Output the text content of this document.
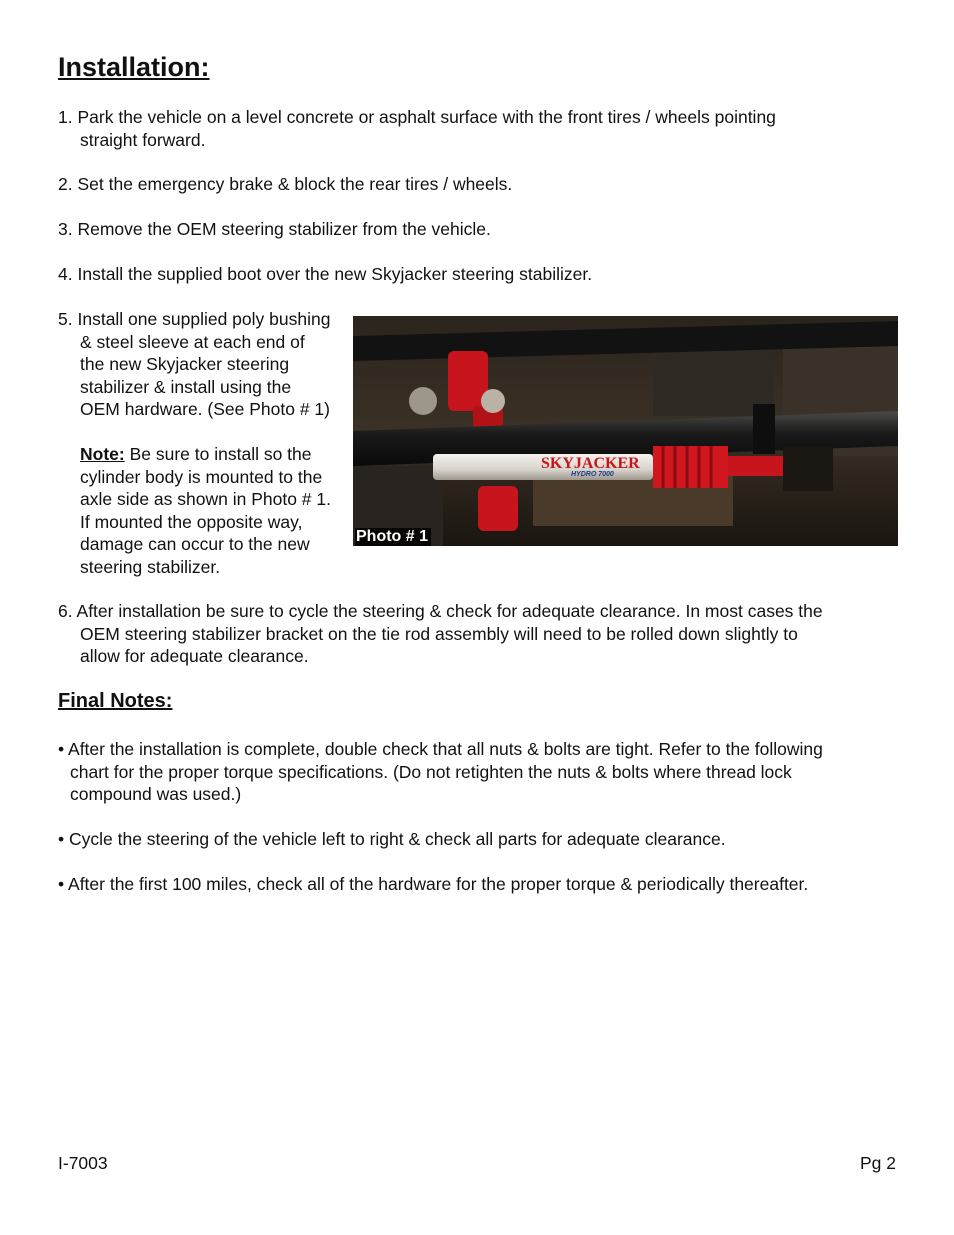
Installation:
1. Park the vehicle on a level concrete or asphalt surface with the front tires / wheels pointing
straight forward.
2. Set the emergency brake & block the rear tires / wheels.
3. Remove the OEM steering stabilizer from the vehicle.
4. Install the supplied boot over the new Skyjacker steering stabilizer.
5. Install one supplied poly bushing
& steel sleeve at each end of
the new Skyjacker steering
stabilizer & install using the
OEM hardware. (See Photo # 1)
Note: Be sure to install so the
cylinder body is mounted to the
axle side as shown in Photo # 1.
If mounted the opposite way,
damage can occur to the new
steering stabilizer.
SKYJACKER
HYDRO 7000
Photo # 1
6. After installation be sure to cycle the steering & check for adequate clearance. In most cases the
OEM steering stabilizer bracket on the tie rod assembly will need to be rolled down slightly to
allow for adequate clearance.
Final Notes:
• After the installation is complete, double check that all nuts & bolts are tight. Refer to the following
chart for the proper torque specifications. (Do not retighten the nuts & bolts where thread lock
compound was used.)
• Cycle the steering of the vehicle left to right & check all parts for adequate clearance.
• After the first 100 miles, check all of the hardware for the proper torque & periodically thereafter.
I-7003	Pg 2
